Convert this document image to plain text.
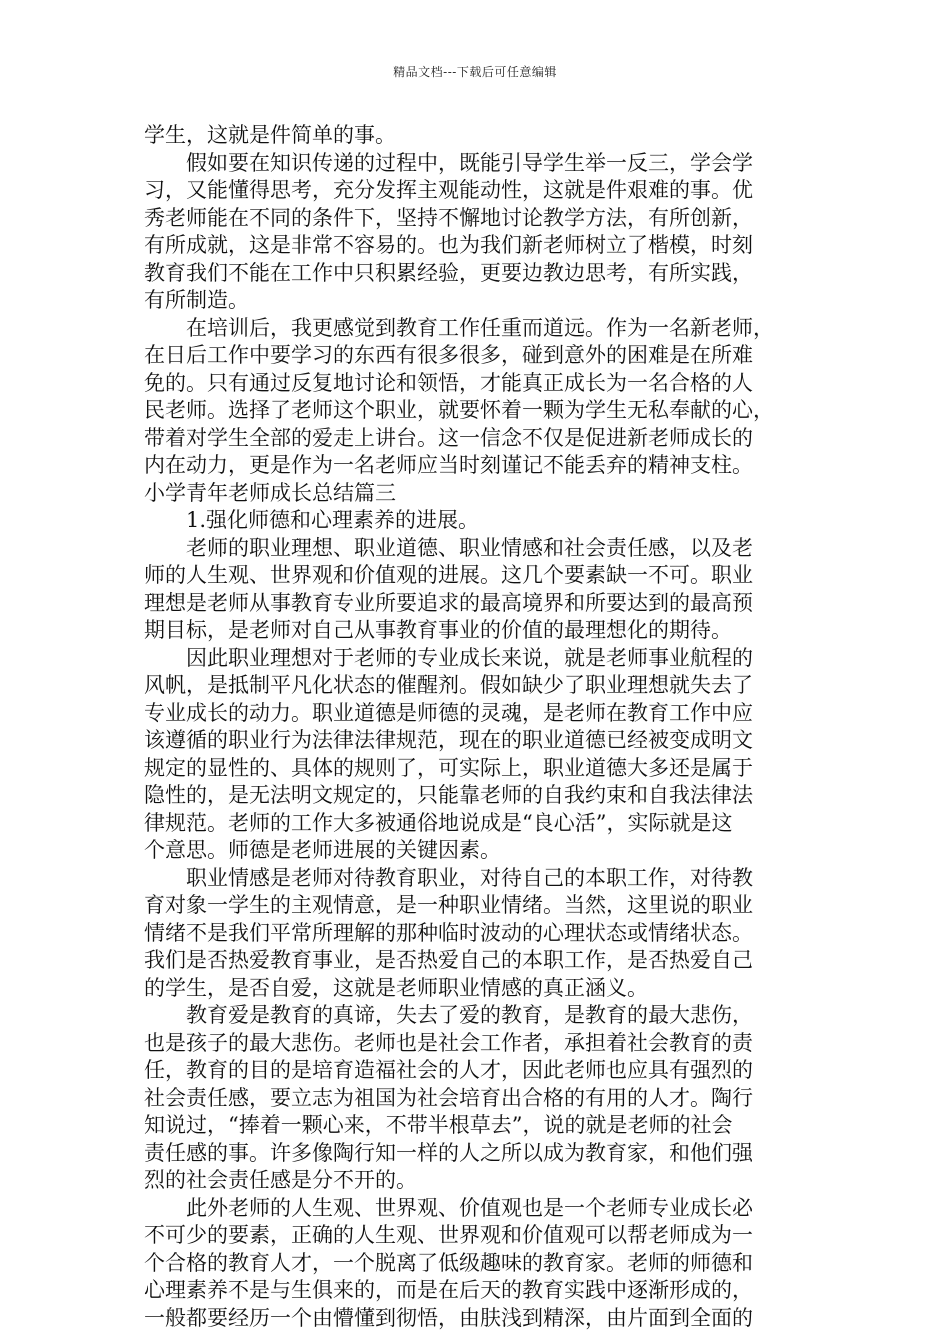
精品文档---下载后可任意编辑
学生，这就是件简单的事。
　　假如要在知识传递的过程中，既能引导学生举一反三，学会学
习，又能懂得思考，充分发挥主观能动性，这就是件艰难的事。优
秀老师能在不同的条件下，坚持不懈地讨论教学方法，有所创新，
有所成就，这是非常不容易的。也为我们新老师树立了楷模，时刻
教育我们不能在工作中只积累经验，更要边教边思考，有所实践，
有所制造。
　　在培训后，我更感觉到教育工作任重而道远。作为一名新老师，
在日后工作中要学习的东西有很多很多，碰到意外的困难是在所难
免的。只有通过反复地讨论和领悟，才能真正成长为一名合格的人
民老师。选择了老师这个职业，就要怀着一颗为学生无私奉献的心，
带着对学生全部的爱走上讲台。这一信念不仅是促进新老师成长的
内在动力，更是作为一名老师应当时刻谨记不能丢弃的精神支柱。
小学青年老师成长总结篇三
　　1.强化师德和心理素养的进展。
　　老师的职业理想、职业道德、职业情感和社会责任感，以及老
师的人生观、世界观和价值观的进展。这几个要素缺一不可。职业
理想是老师从事教育专业所要追求的最高境界和所要达到的最高预
期目标，是老师对自己从事教育事业的价值的最理想化的期待。
　　因此职业理想对于老师的专业成长来说，就是老师事业航程的
风帆，是抵制平凡化状态的催醒剂。假如缺少了职业理想就失去了
专业成长的动力。职业道德是师德的灵魂，是老师在教育工作中应
该遵循的职业行为法律法律规范，现在的职业道德已经被变成明文
规定的显性的、具体的规则了，可实际上，职业道德大多还是属于
隐性的，是无法明文规定的，只能靠老师的自我约束和自我法律法
律规范。老师的工作大多被通俗地说成是“良心活”，实际就是这
个意思。师德是老师进展的关键因素。
　　职业情感是老师对待教育职业，对待自己的本职工作，对待教
育对象一学生的主观情意，是一种职业情绪。当然，这里说的职业
情绪不是我们平常所理解的那种临时波动的心理状态或情绪状态。
我们是否热爱教育事业，是否热爱自己的本职工作，是否热爱自己
的学生，是否自爱，这就是老师职业情感的真正涵义。
　　教育爱是教育的真谛，失去了爱的教育，是教育的最大悲伤，
也是孩子的最大悲伤。老师也是社会工作者，承担着社会教育的责
任，教育的目的是培育造福社会的人才，因此老师也应具有强烈的
社会责任感，要立志为祖国为社会培育出合格的有用的人才。陶行
知说过，“捧着一颗心来，不带半根草去”，说的就是老师的社会
责任感的事。许多像陶行知一样的人之所以成为教育家，和他们强
烈的社会责任感是分不开的。
　　此外老师的人生观、世界观、价值观也是一个老师专业成长必
不可少的要素，正确的人生观、世界观和价值观可以帮老师成为一
个合格的教育人才，一个脱离了低级趣味的教育家。老师的师德和
心理素养不是与生俱来的，而是在后天的教育实践中逐渐形成的，
一般都要经历一个由懵懂到彻悟，由肤浅到精深，由片面到全面的
